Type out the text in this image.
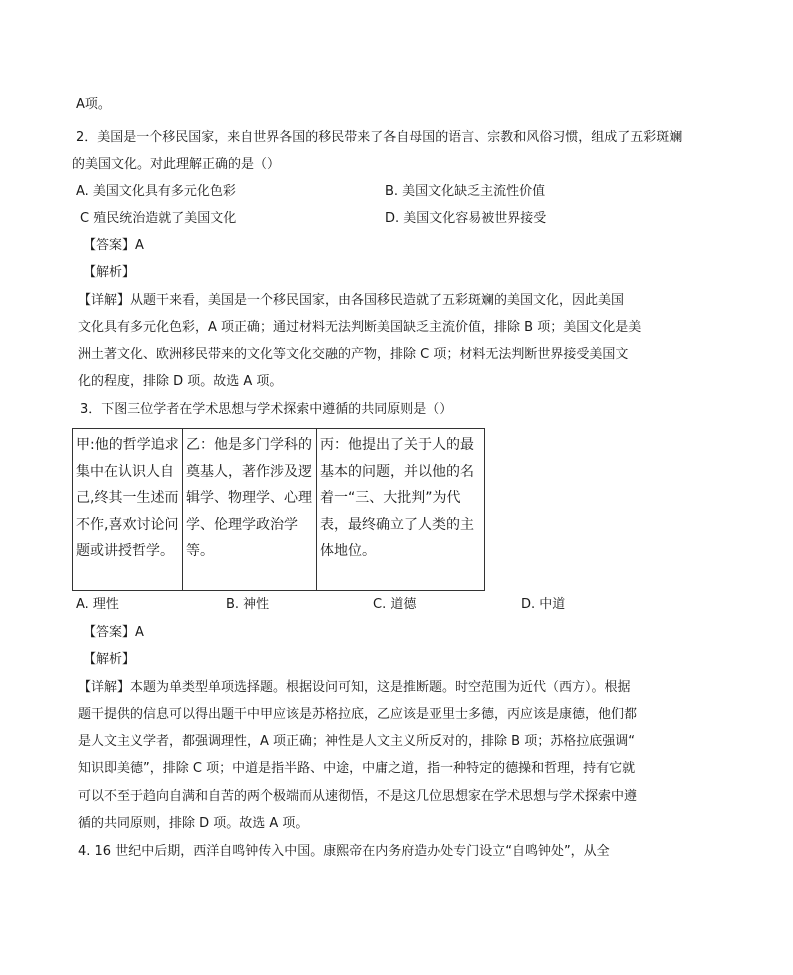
A项。
2．美国是一个移民国家，来自世界各国的移民带来了各自母国的语言、宗教和风俗习惯，组成了五彩斑斓
的美国文化。对此理解正确的是（）
A. 美国文化具有多元化色彩	B. 美国文化缺乏主流性价值
C 殖民统治造就了美国文化	D. 美国文化容易被世界接受
【答案】A
【解析】
【详解】从题干来看，美国是一个移民国家，由各国移民造就了五彩斑斓的美国文化，因此美国
文化具有多元化色彩，A 项正确；通过材料无法判断美国缺乏主流价值，排除 B 项；美国文化是美
洲土著文化、欧洲移民带来的文化等文化交融的产物，排除 C 项；材料无法判断世界接受美国文
化的程度，排除 D 项。故选 A 项。
3．下图三位学者在学术思想与学术探索中遵循的共同原则是（）
甲:他的哲学追求集中在认识人自己,终其一生述而不作,喜欢讨论问题或讲授哲学。	乙：他是多门学科的奠基人，著作涉及逻辑学、物理学、心理学、伦理学政治学等。	丙：他提出了关于人的最基本的问题，并以他的名着一“三、大批判”为代表，最终确立了人类的主体地位。
A. 理性	B. 神性	C. 道德	D. 中道
【答案】A
【解析】
【详解】本题为单类型单项选择题。根据设问可知，这是推断题。时空范围为近代（西方）。根据
题干提供的信息可以得出题干中甲应该是苏格拉底，乙应该是亚里士多德，丙应该是康德，他们都
是人文主义学者，都强调理性，A 项正确；神性是人文主义所反对的，排除 B 项；苏格拉底强调“
知识即美德”，排除 C 项；中道是指半路、中途，中庸之道，指一种特定的德操和哲理，持有它就
可以不至于趋向自满和自苦的两个极端而从速彻悟，不是这几位思想家在学术思想与学术探索中遵
循的共同原则，排除 D 项。故选 A 项。
4. 16 世纪中后期，西洋自鸣钟传入中国。康熙帝在内务府造办处专门设立“自鸣钟处”，从全
